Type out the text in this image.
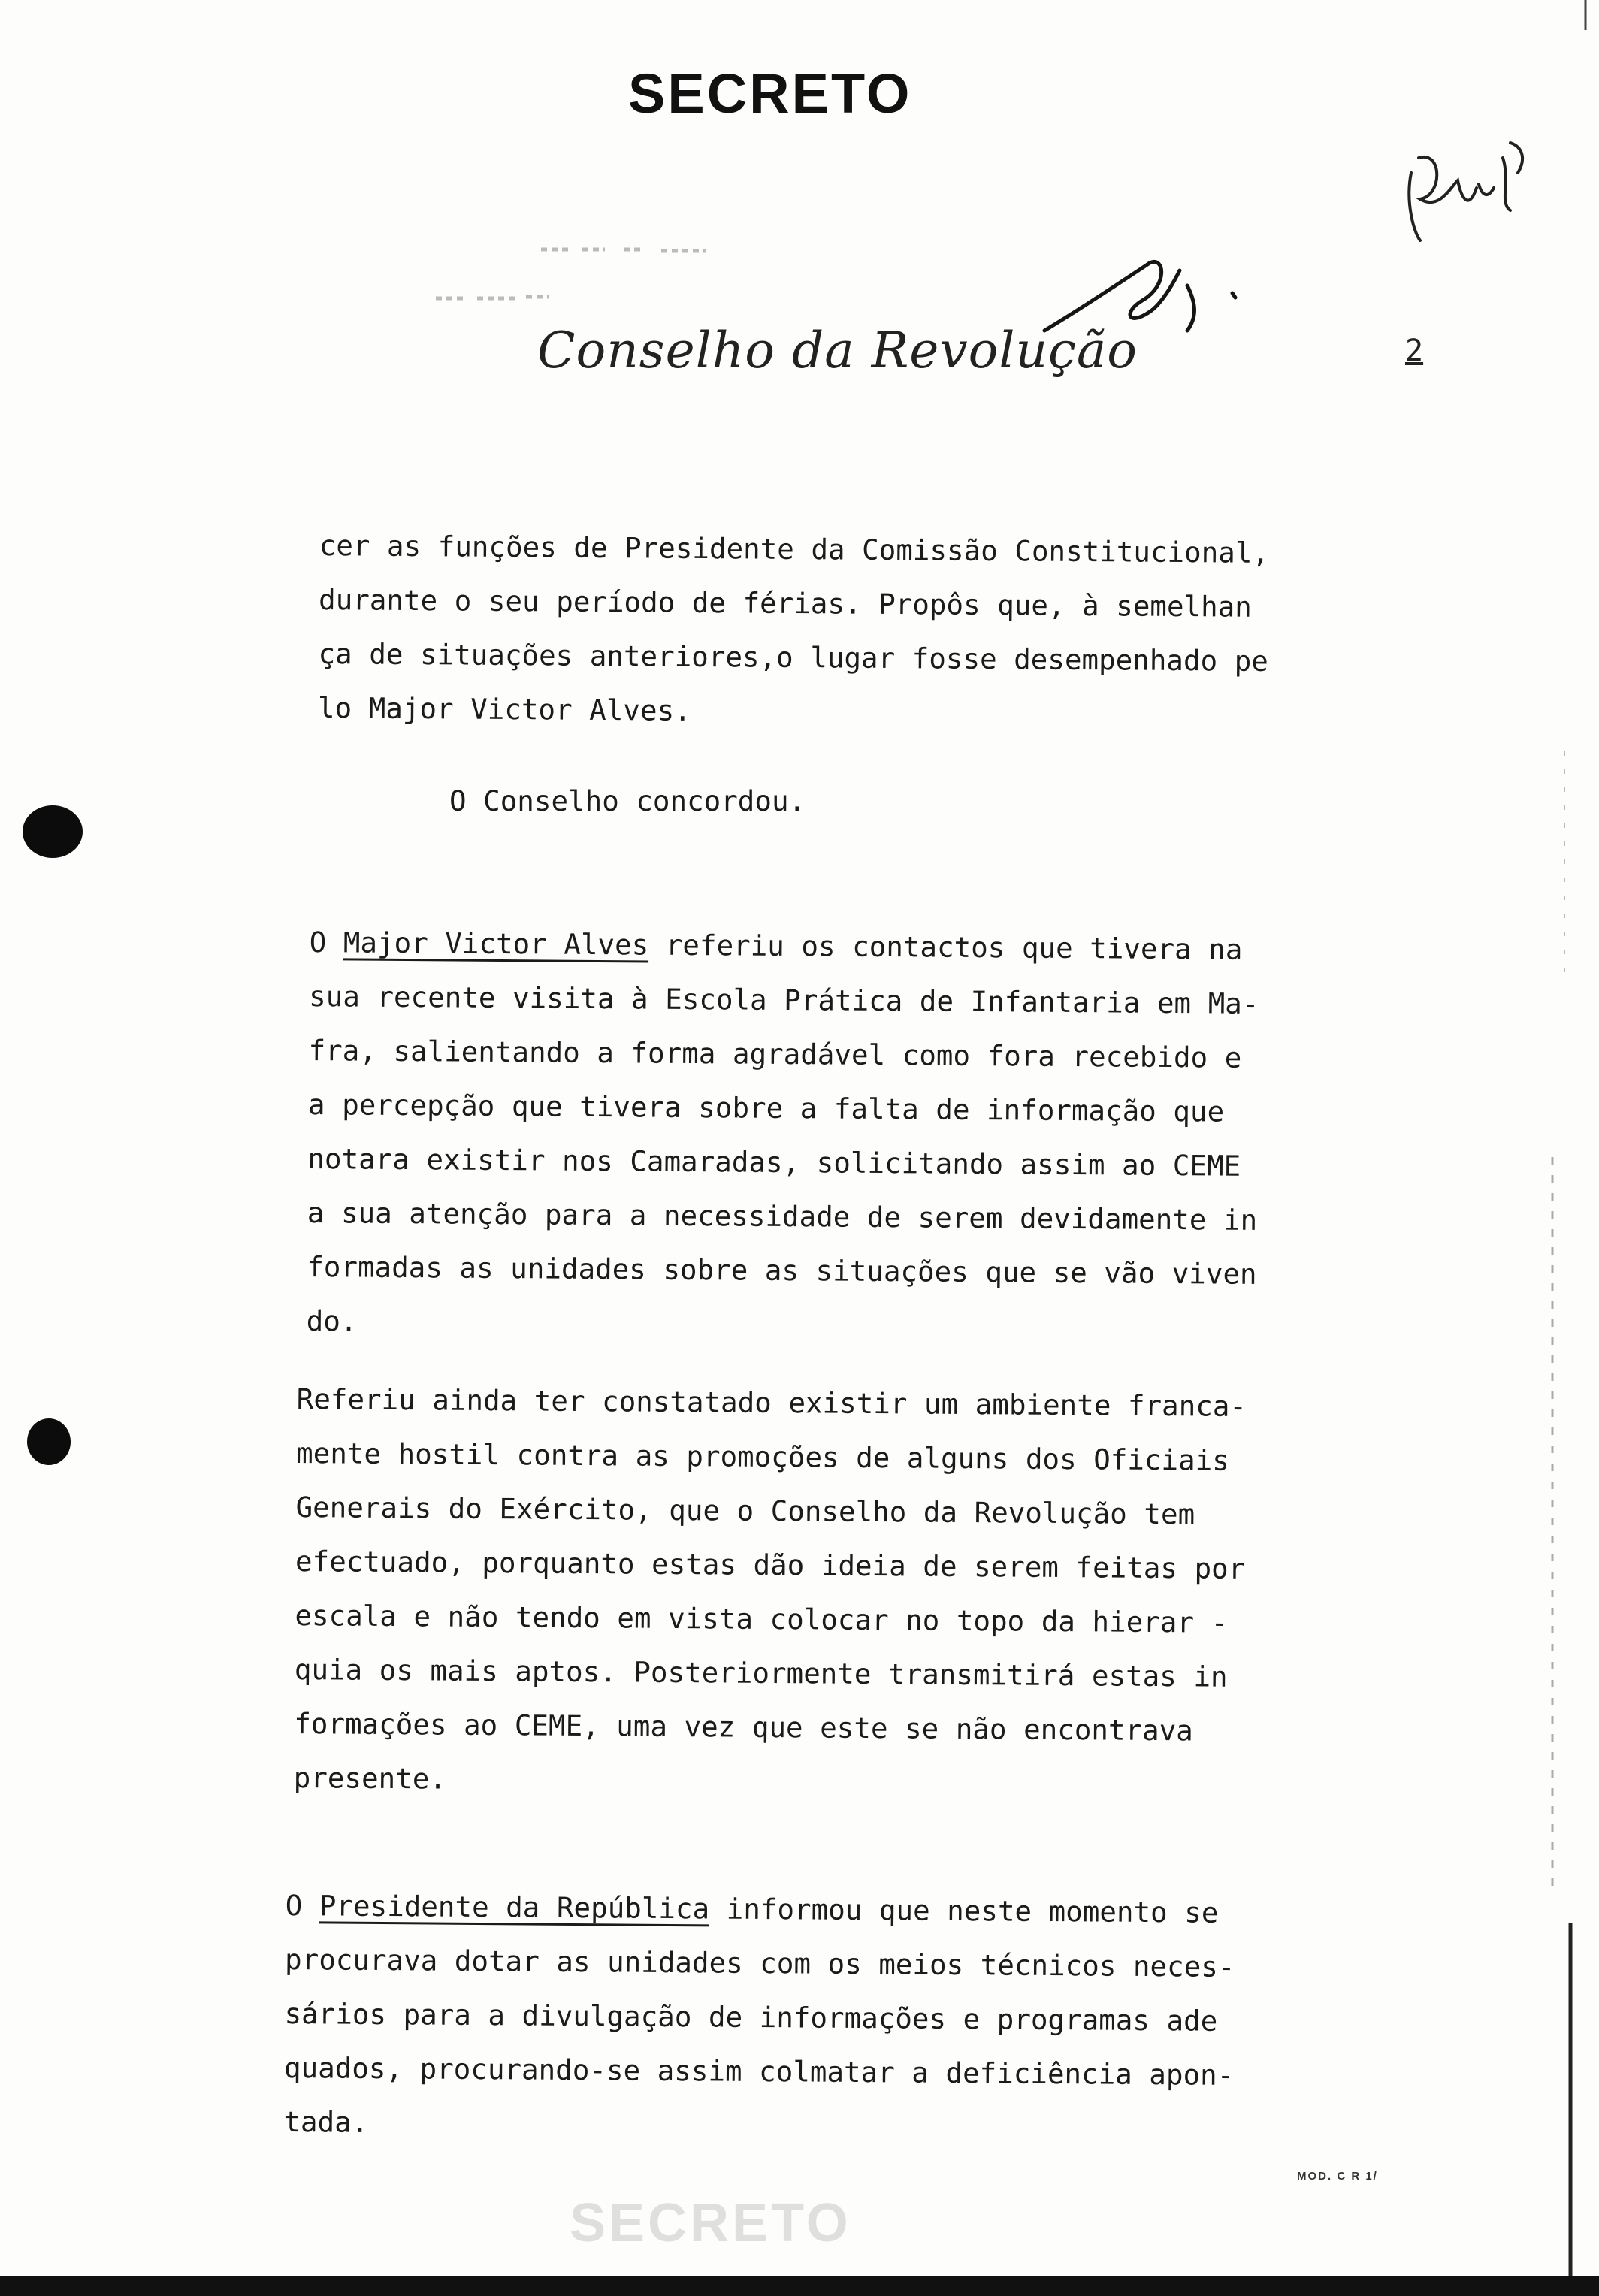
SECRETO
Conselho da Revolução	2
cer as funções de Presidente da Comissão Constitucional,
durante o seu período de férias. Propôs que, à semelhan
ça de situações anteriores,o lugar fosse desempenhado pe
lo Major Victor Alves.
O Conselho concordou.
O Major Victor Alves referiu os contactos que tivera na
sua recente visita à Escola Prática de Infantaria em Ma-
fra, salientando a forma agradável como fora recebido e
a percepção que tivera sobre a falta de informação que
notara existir nos Camaradas, solicitando assim ao CEME
a sua atenção para a necessidade de serem devidamente in
formadas as unidades sobre as situações que se vão viven
do.
Referiu ainda ter constatado existir um ambiente franca-
mente hostil contra as promoções de alguns dos Oficiais
Generais do Exército, que o Conselho da Revolução tem
efectuado, porquanto estas dão ideia de serem feitas por
escala e não tendo em vista colocar no topo da hierar -
quia os mais aptos. Posteriormente transmitirá estas in
formações ao CEME, uma vez que este se não encontrava
presente.
O Presidente da República informou que neste momento se
procurava dotar as unidades com os meios técnicos neces-
sários para a divulgação de informações e programas ade
quados, procurando-se assim colmatar a deficiência apon-
tada.
MOD. C R 1/
SECRETO
